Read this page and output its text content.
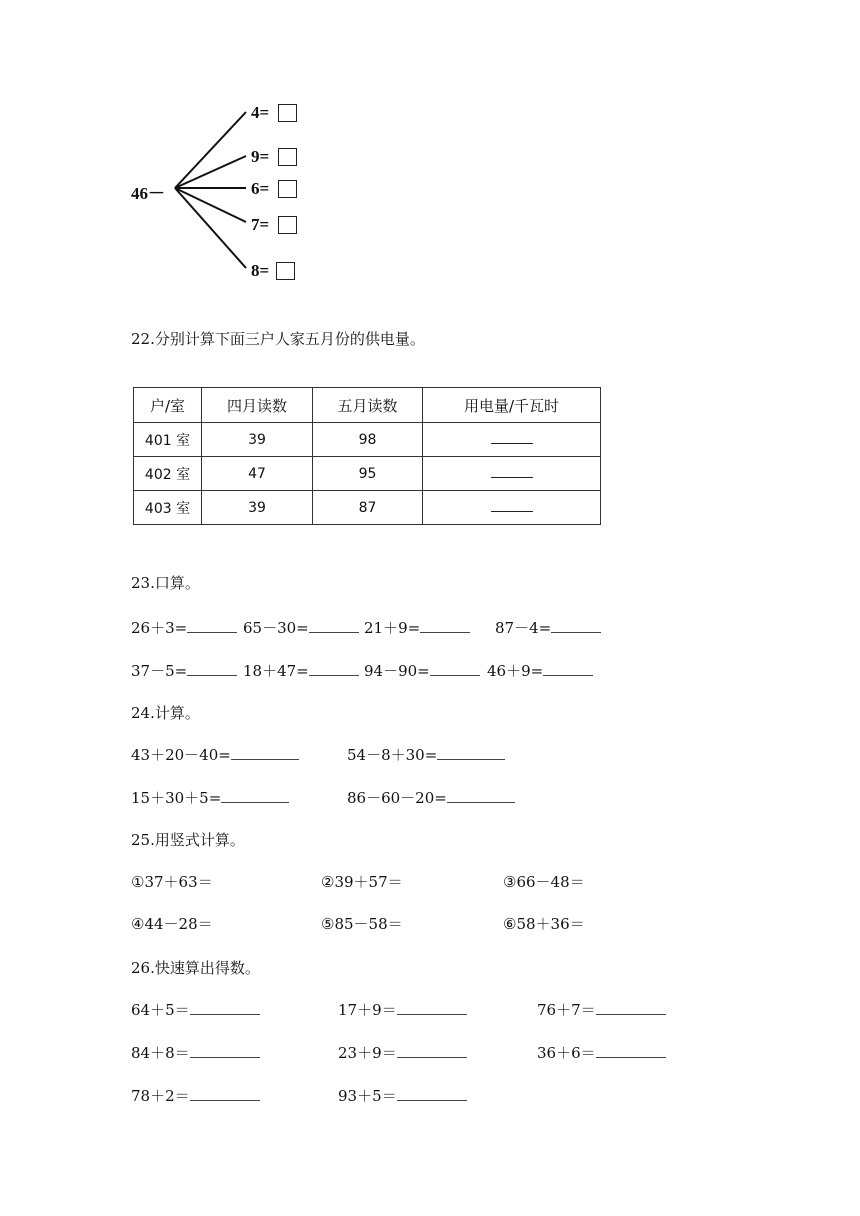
46－
4=
9=
6=
7=
8=
22.分别计算下面三户人家五月份的供电量。
户/室	四月读数	五月读数	用电量/千瓦时
401 室	39	98	
402 室	47	95	
403 室	39	87	
23.口算。
26＋3=	65－30=	21＋9=	87－4=
37－5=	18＋47=	94－90=	46＋9=
24.计算。
43＋20－40=	54－8＋30=
15＋30＋5=	86－60－20=
25.用竖式计算。
①37＋63＝	②39＋57＝	③66－48＝
④44－28＝	⑤85－58＝	⑥58＋36＝
26.快速算出得数。
64＋5＝	17＋9＝	76＋7＝
84＋8＝	23＋9＝	36＋6＝
78＋2＝	93＋5＝
